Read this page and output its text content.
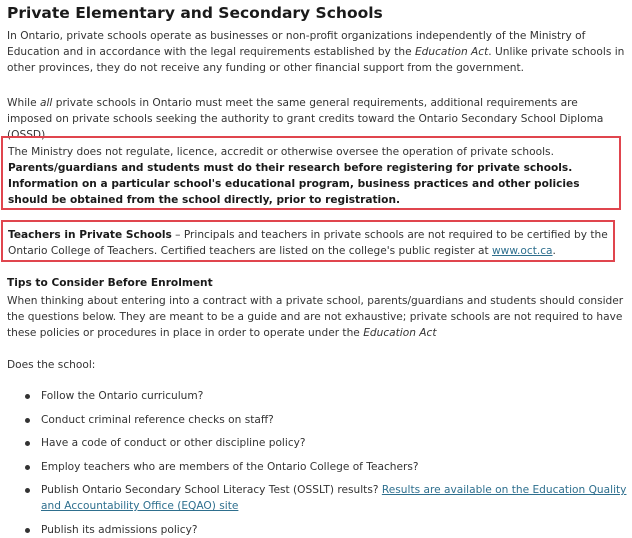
Private Elementary and Secondary Schools

In Ontario, private schools operate as businesses or non-profit organizations independently of the Ministry of Education and in accordance with the legal requirements established by the Education Act. Unlike private schools in other provinces, they do not receive any funding or other financial support from the government.

While all private schools in Ontario must meet the same general requirements, additional requirements are imposed on private schools seeking the authority to grant credits toward the Ontario Secondary School Diploma (OSSD).

The Ministry does not regulate, licence, accredit or otherwise oversee the operation of private schools.
Parents/guardians and students must do their research before registering for private schools. Information on a particular school's educational program, business practices and other policies should be obtained from the school directly, prior to registration.
Teachers in Private Schools – Principals and teachers in private schools are not required to be certified by the Ontario College of Teachers. Certified teachers are listed on the college's public register at www.oct.ca.
Tips to Consider Before Enrolment

When thinking about entering into a contract with a private school, parents/guardians and students should consider the questions below. They are meant to be a guide and are not exhaustive; private schools are not required to have these policies or procedures in place in order to operate under the Education Act

Does the school:
Follow the Ontario curriculum?
Conduct criminal reference checks on staff?
Have a code of conduct or other discipline policy?
Employ teachers who are members of the Ontario College of Teachers?
Publish Ontario Secondary School Literacy Test (OSSLT) results? Results are available on the Education Quality and Accountability Office (EQAO) site
Publish its admissions policy?
